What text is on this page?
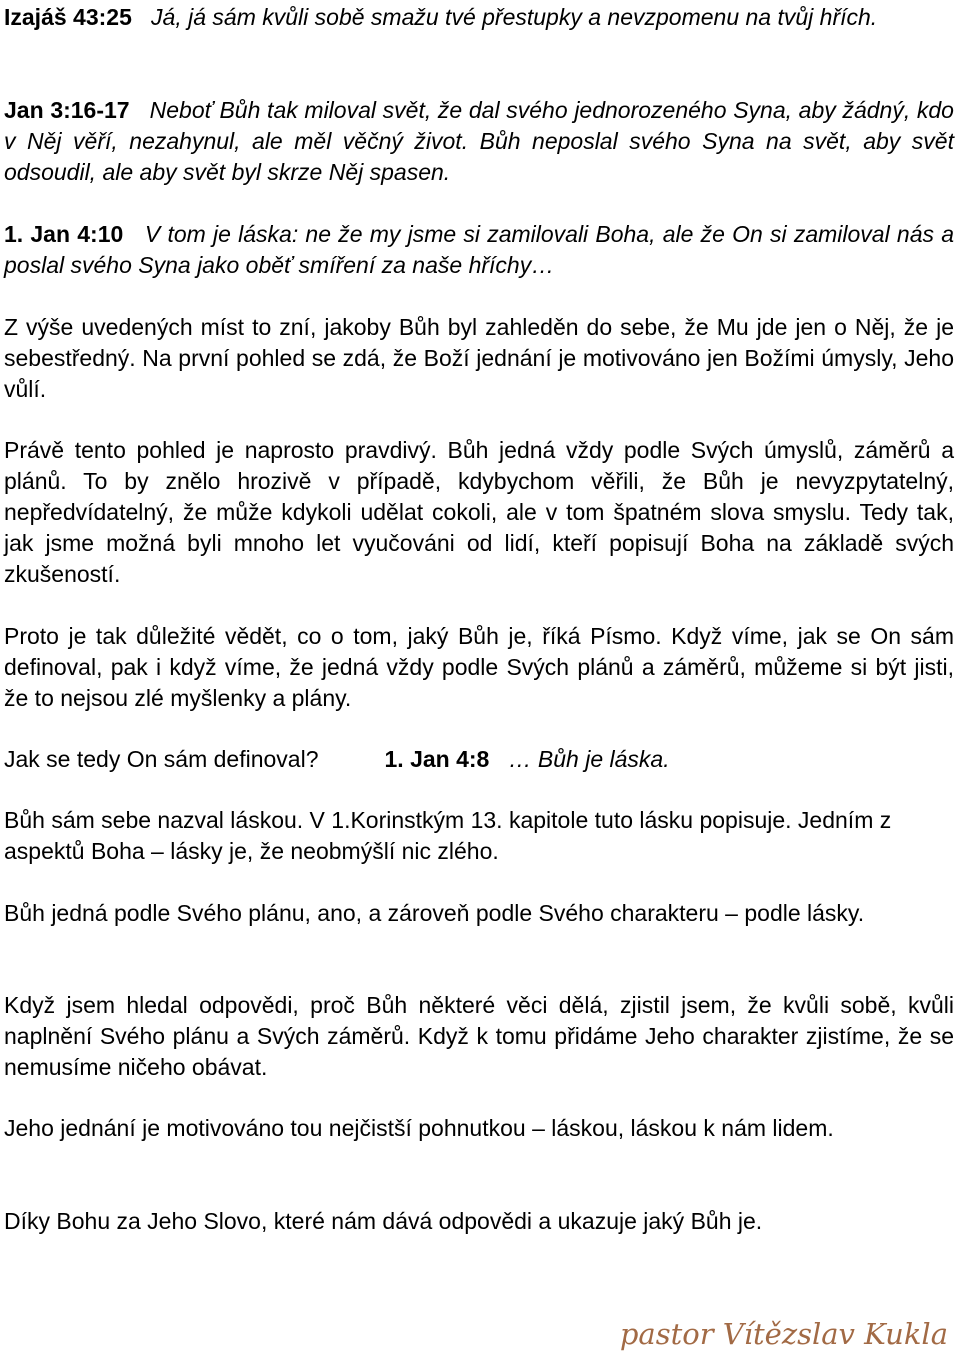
Izajáš 43:25 Já, já sám kvůli sobě smažu tvé přestupky a nevzpomenu na tvůj hřích.

Jan 3:16-17 Neboť Bůh tak miloval svět, že dal svého jednorozeného Syna, aby žádný, kdo v Něj věří, nezahynul, ale měl věčný život. Bůh neposlal svého Syna na svět, aby svět odsoudil, ale aby svět byl skrze Něj spasen.

1. Jan 4:10 V tom je láska: ne že my jsme si zamilovali Boha, ale že On si zamiloval nás a poslal svého Syna jako oběť smíření za naše hříchy…

Z výše uvedených míst to zní, jakoby Bůh byl zahleděn do sebe, že Mu jde jen o Něj, že je sebestředný. Na první pohled se zdá, že Boží jednání je motivováno jen Božími úmysly, Jeho vůlí.

Právě tento pohled je naprosto pravdivý. Bůh jedná vždy podle Svých úmyslů, záměrů a plánů. To by znělo hrozivě v případě, kdybychom věřili, že Bůh je nevyzpytatelný, nepředvídatelný, že může kdykoli udělat cokoli, ale v tom špatném slova smyslu. Tedy tak, jak jsme možná byli mnoho let vyučováni od lidí, kteří popisují Boha na základě svých zkušeností.

Proto je tak důležité vědět, co o tom, jaký Bůh je, říká Písmo. Když víme, jak se On sám definoval, pak i když víme, že jedná vždy podle Svých plánů a záměrů, můžeme si být jisti, že to nejsou zlé myšlenky a plány.

Jak se tedy On sám definoval?	1. Jan 4:8 … Bůh je láska.

Bůh sám sebe nazval láskou. V 1.Korinstkým 13. kapitole tuto lásku popisuje. Jedním z aspektů Boha – lásky je, že neobmýšlí nic zlého.

Bůh jedná podle Svého plánu, ano, a zároveň podle Svého charakteru – podle lásky.

Když jsem hledal odpovědi, proč Bůh některé věci dělá, zjistil jsem, že kvůli sobě, kvůli naplnění Svého plánu a Svých záměrů. Když k tomu přidáme Jeho charakter zjistíme, že se nemusíme ničeho obávat.

Jeho jednání je motivováno tou nejčistší pohnutkou – láskou, láskou k nám lidem.

Díky Bohu za Jeho Slovo, které nám dává odpovědi a ukazuje jaký Bůh je.

pastor Vítězslav Kukla
